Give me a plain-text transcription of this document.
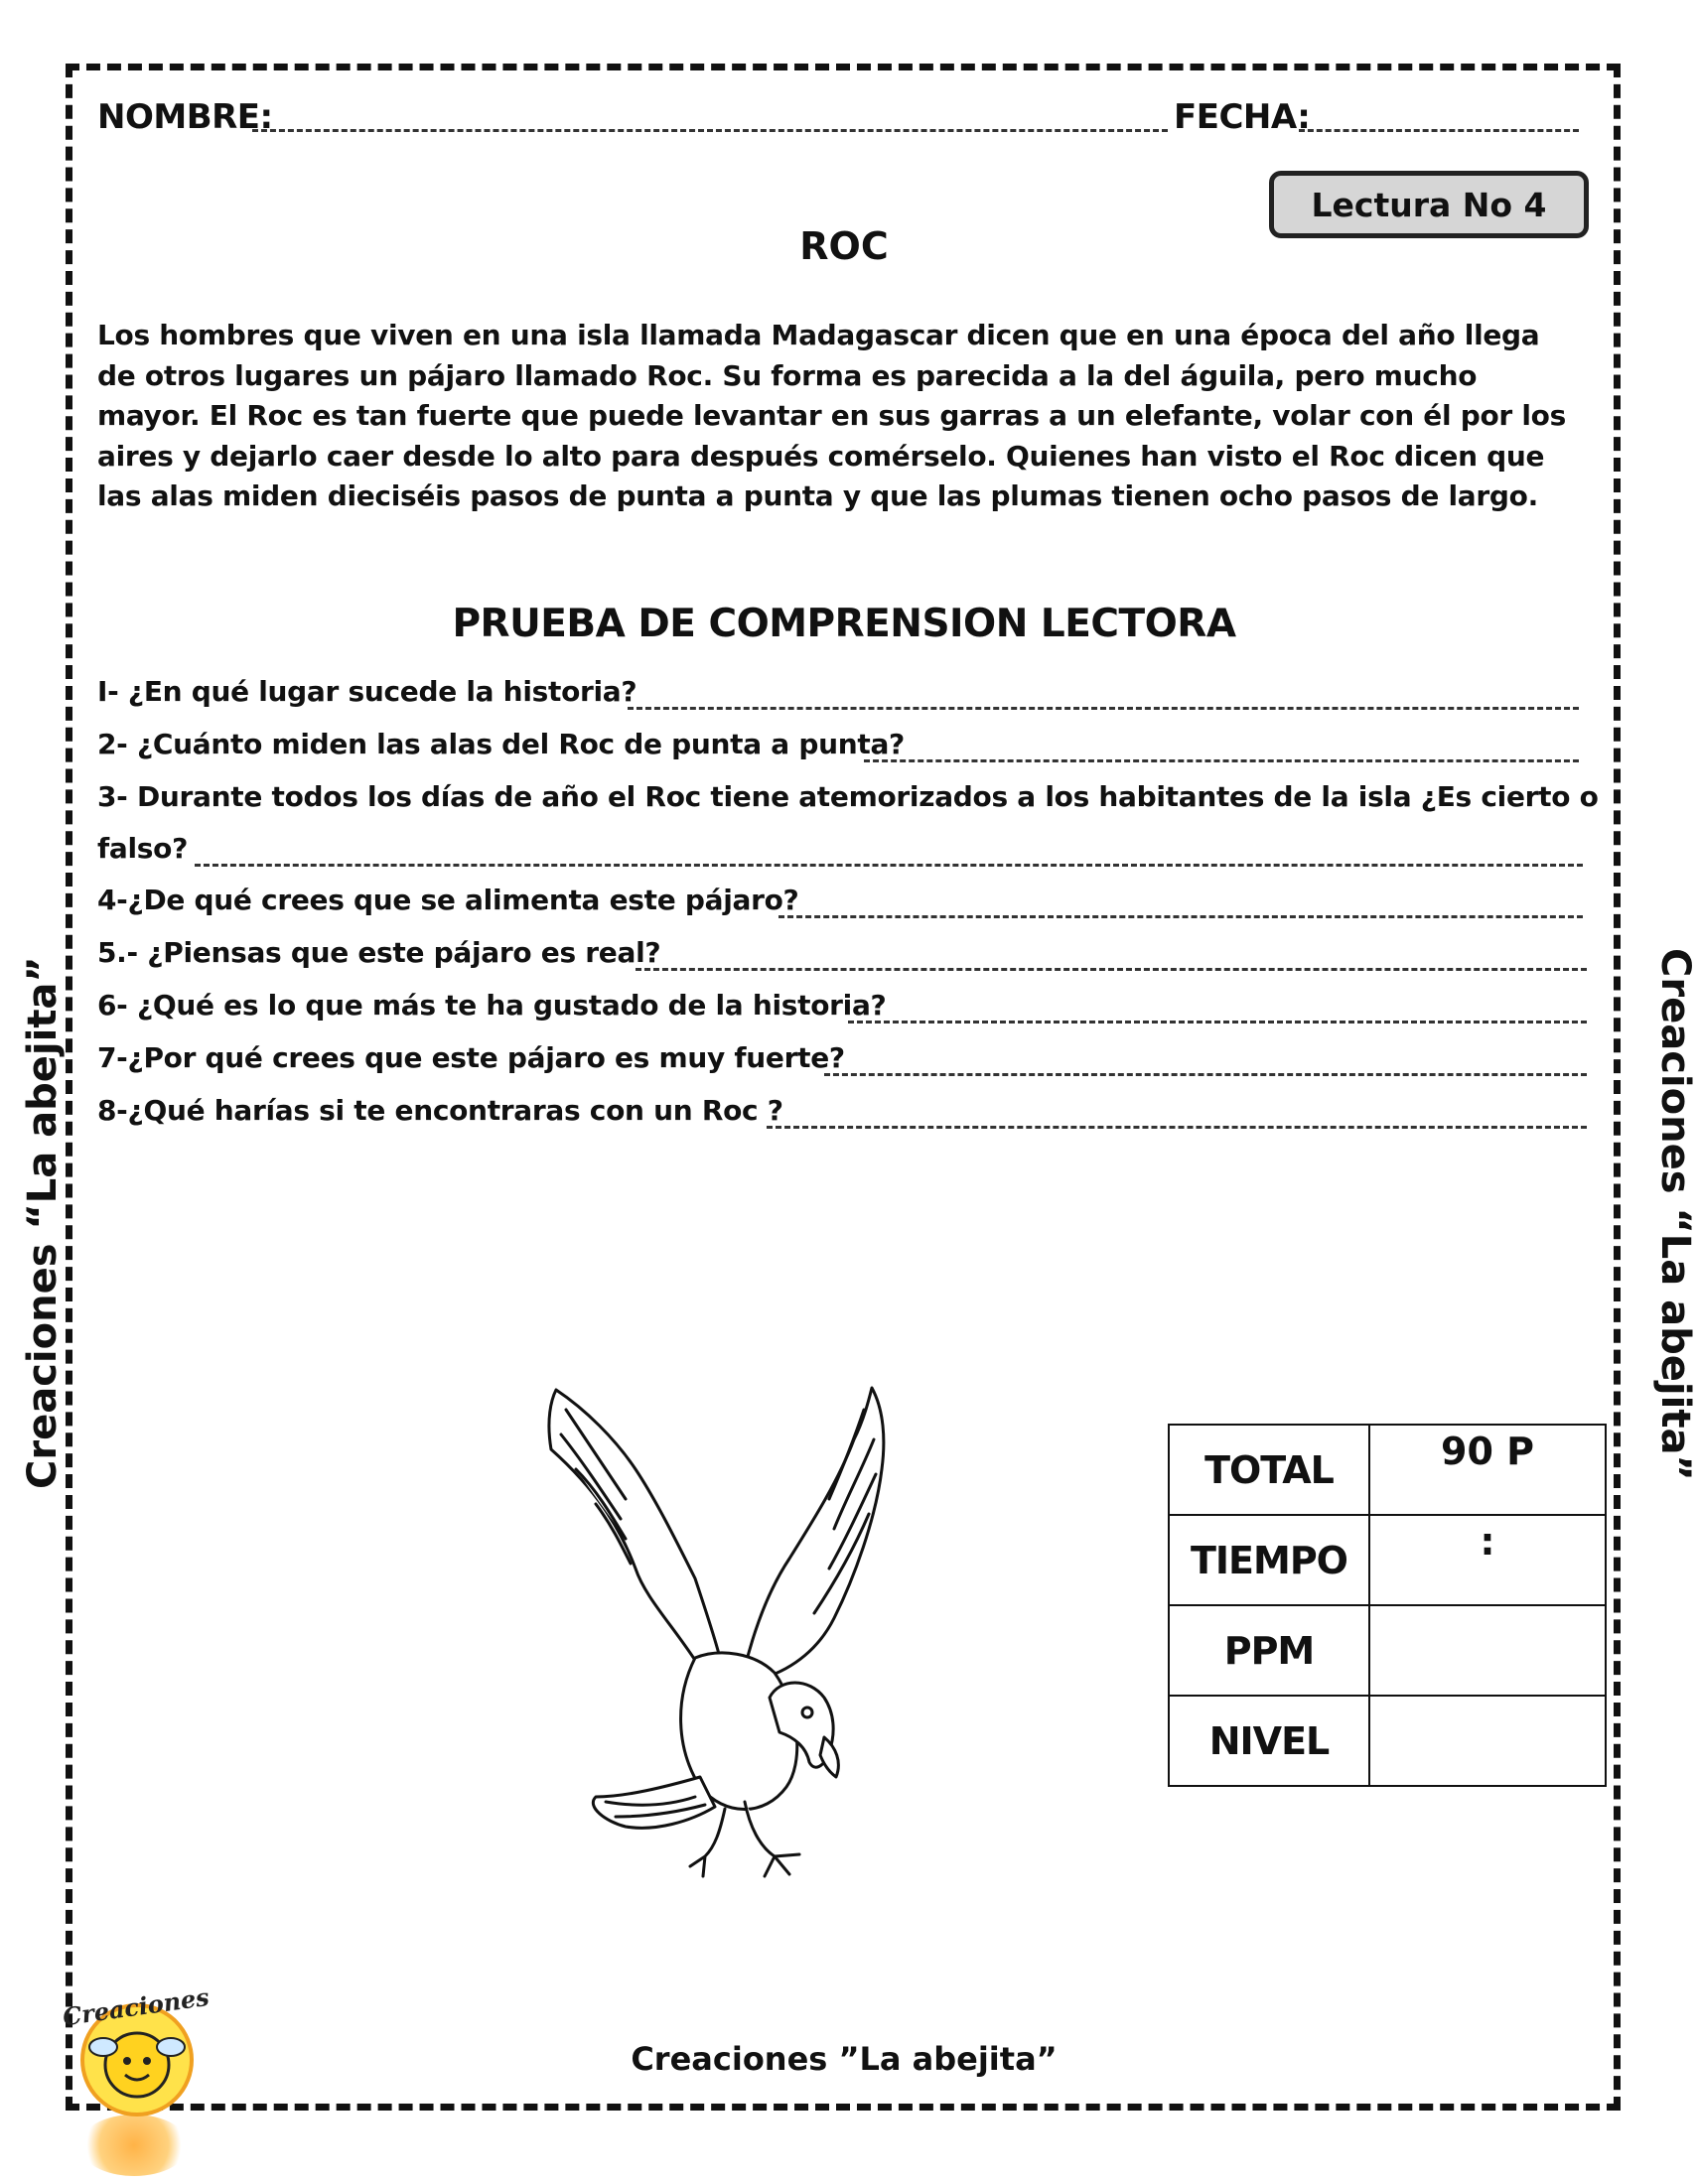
NOMBRE:	FECHA:
Lectura No 4
ROC
Los hombres que viven en una isla llamada Madagascar dicen que en una época del año llega de otros lugares un pájaro llamado Roc. Su forma es parecida a la del águila, pero mucho mayor. El Roc es tan fuerte que puede levantar en sus garras a un elefante, volar con él por los aires y dejarlo caer desde lo alto para después comérselo. Quienes han visto el Roc dicen que las alas miden dieciséis pasos de punta a punta y que las plumas tienen ocho pasos de largo.
PRUEBA DE COMPRENSION LECTORA
I- ¿En qué lugar sucede la historia?
2- ¿Cuánto miden las alas del Roc de punta a punta?
3- Durante todos los días de año el Roc tiene atemorizados a los habitantes de la isla ¿Es cierto o
falso?
4-¿De qué crees que se alimenta este pájaro?
5.- ¿Piensas que este pájaro es real?
6- ¿Qué es lo que más te ha gustado de la historia?
7-¿Por qué crees que este pájaro es muy fuerte?
8-¿Qué harías si te encontraras con un Roc ?
Creaciones “La abejita”	Creaciones “La abejita”
TOTAL	90 P
TIEMPO	:
PPM	
NIVEL	
Creaciones ”La abejita”
Creaciones
